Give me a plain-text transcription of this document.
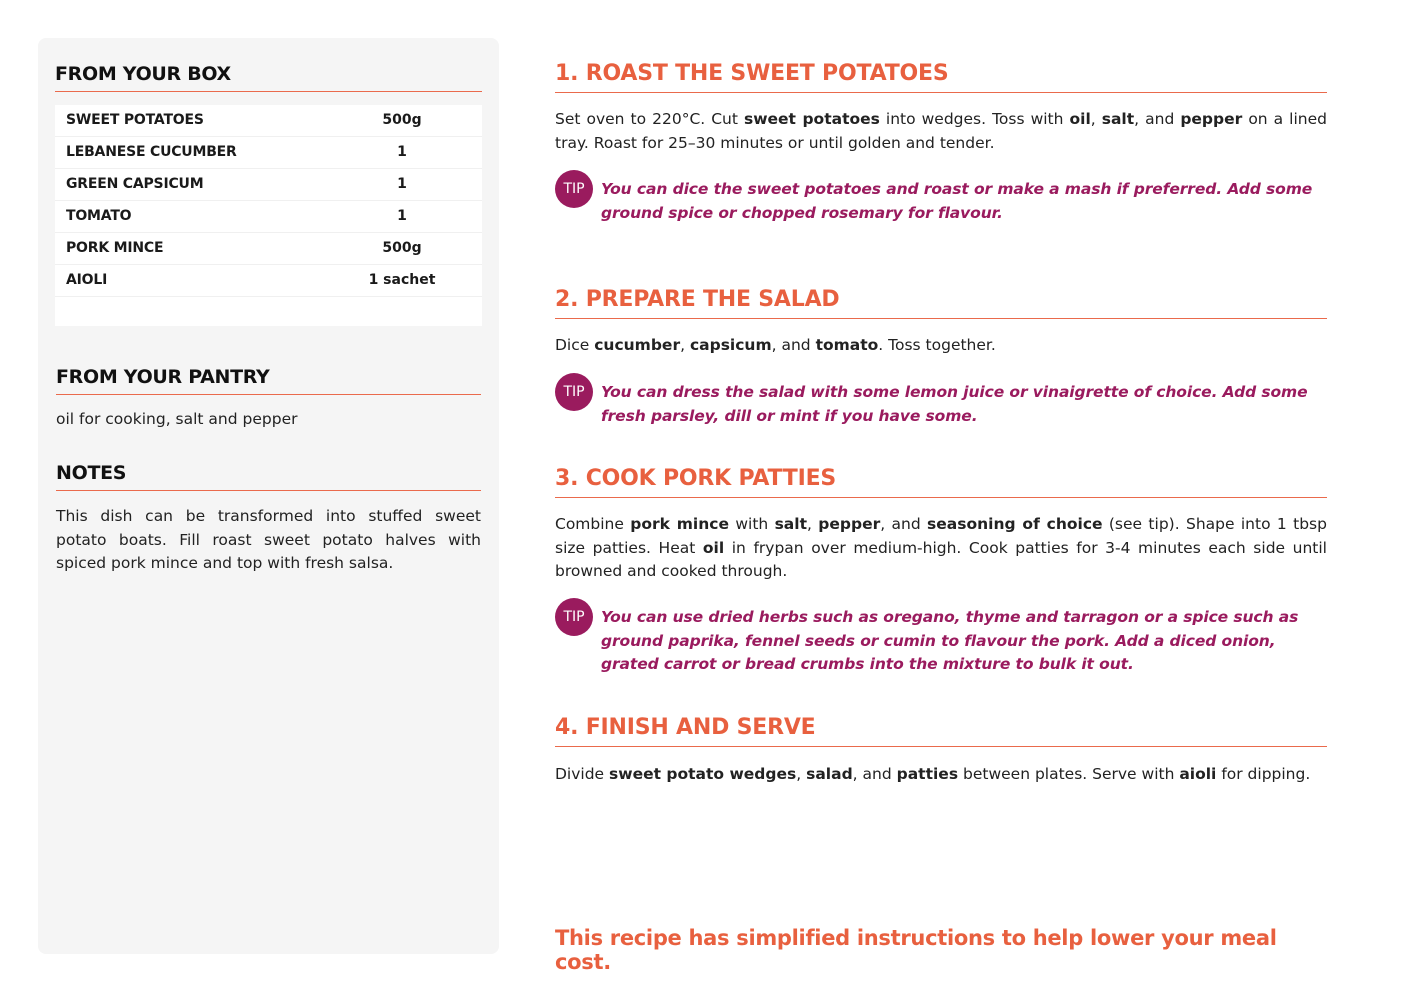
FROM YOUR BOX
SWEET POTATOES	500g
LEBANESE CUCUMBER	1
GREEN CAPSICUM	1
TOMATO	1
PORK MINCE	500g
AIOLI	1 sachet
FROM YOUR PANTRY
oil for cooking, salt and pepper
NOTES
This dish can be transformed into stuffed sweet potato boats. Fill roast sweet potato halves with spiced pork mince and top with fresh salsa.
1. ROAST THE SWEET POTATOES
Set oven to 220°C. Cut sweet potatoes into wedges. Toss with oil, salt, and pepper on a lined tray. Roast for 25–30 minutes or until golden and tender.
TIP	You can dice the sweet potatoes and roast or make a mash if preferred. Add some ground spice or chopped rosemary for flavour.
2. PREPARE THE SALAD
Dice cucumber, capsicum, and tomato. Toss together.
TIP	You can dress the salad with some lemon juice or vinaigrette of choice. Add some fresh parsley, dill or mint if you have some.
3. COOK PORK PATTIES
Combine pork mince with salt, pepper, and seasoning of choice (see tip). Shape into 1 tbsp size patties. Heat oil in frypan over medium-high. Cook patties for 3-4 minutes each side until browned and cooked through.
TIP	You can use dried herbs such as oregano, thyme and tarragon or a spice such as ground paprika, fennel seeds or cumin to flavour the pork. Add a diced onion, grated carrot or bread crumbs into the mixture to bulk it out.
4. FINISH AND SERVE
Divide sweet potato wedges, salad, and patties between plates. Serve with aioli for dipping.
This recipe has simplified instructions to help lower your meal cost.
